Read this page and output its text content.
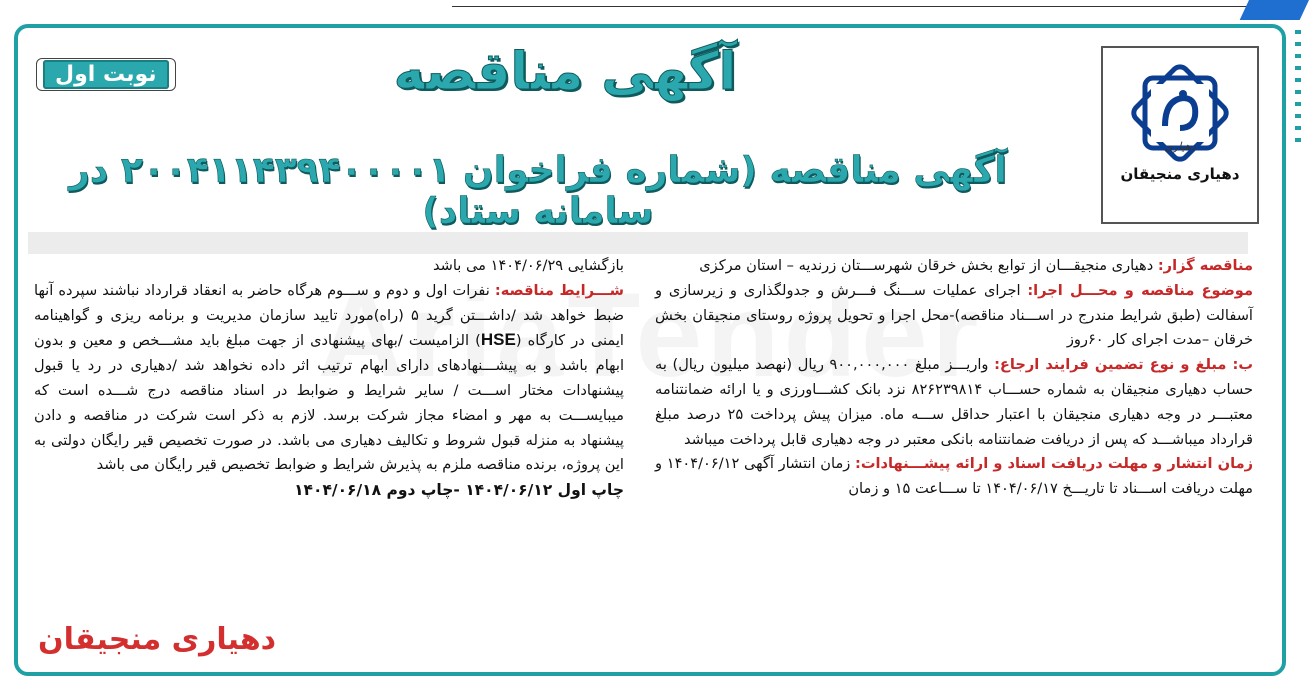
دهیاری
دهیاری منجیقان
نوبت اول	آگهی مناقصه
آگهی مناقصه (شماره فراخوان ۲۰۰۴۱۱۴۳۹۴۰۰۰۰۱ در سامانه ستاد)

مناقصه گزار: دهیاری منجیقـــان از توابع بخش خرقان شهرســـتان زرندیه – استان مرکزی

موضوع مناقصه و محـــل اجرا: اجرای عملیات ســـنگ فـــرش و جدولگذاری و زیرسازی و آسفالت (طبق شرایط مندرج در اســـناد مناقصه)-محل اجرا و تحویل پروژه روستای منجیقان بخش خرقان –مدت اجرای کار ۶۰روز

ب: مبلغ و نوع تضمین فرایند ارجاع: واریـــز مبلغ ۹۰۰,۰۰۰,۰۰۰ ریال (نهصد میلیون ریال) به حساب دهیاری منجیقان به شماره حســـاب ۸۲۶۲۳۹۸۱۴ نزد بانک کشـــاورزی و یا ارائه ضمانتنامه معتبـــر در وجه دهیاری منجیقان با اعتبار حداقل ســـه ماه. میزان پیش پرداخت ۲۵ درصد مبلغ قرارداد میباشـــد که پس از دریافت ضمانتنامه بانکی معتبر در وجه دهیاری قابل پرداخت میباشد

زمان انتشار و مهلت دریافت اسناد و ارائه پیشـــنهادات: زمان انتشار آگهی ۱۴۰۴/۰۶/۱۲ و مهلت دریافت اســـناد تا تاریـــخ ۱۴۰۴/۰۶/۱۷ تا ســـاعت ۱۵ و زمان

بازگشایی ۱۴۰۴/۰۶/۲۹ می باشد

شـــرایط مناقصه: نفرات اول و دوم و ســـوم هرگاه حاضر به انعقاد قرارداد نباشند سپرده آنها ضبط خواهد شد /داشـــتن گرید ۵ (راه)مورد تایید سازمان مدیریت و برنامه ریزی و گواهینامه ایمنی در کارگاه (HSE) الزامیست /بهای پیشنهادی از جهت مبلغ باید مشـــخص و معین و بدون ابهام باشد و به پیشـــنهادهای دارای ابهام ترتیب اثر داده نخواهد شد /دهیاری در رد یا قبول پیشنهادات مختار اســـت / سایر شرایط و ضوابط در اسناد مناقصه درج شـــده است که میبایســـت به مهر و امضاء مجاز شرکت برسد. لازم به ذکر است شرکت در مناقصه و دادن پیشنهاد به منزله قبول شروط و تکالیف دهیاری می باشد. در صورت تخصیص قیر رایگان دولتی به این پروژه، برنده مناقصه ملزم به پذیرش شرایط و ضوابط تخصیص قیر رایگان می باشد

چاپ اول ۱۴۰۴/۰۶/۱۲ -چاپ دوم ۱۴۰۴/۰۶/۱۸

دهیاری منجیقان
